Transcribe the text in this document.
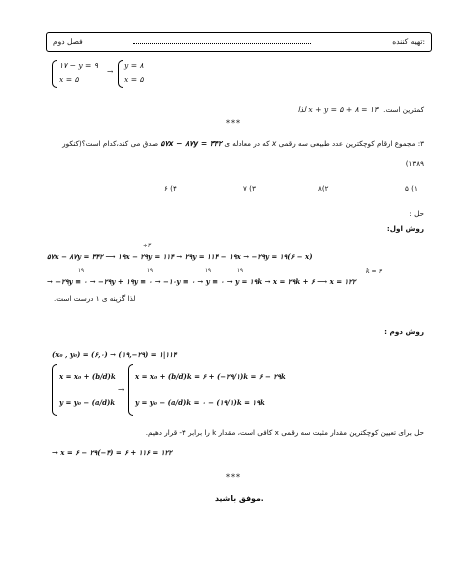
تهیه کننده:
فصل دوم
۱۷ − y = ۹
x = ۵
→
y = ۸
x = ۵
کمترین است. x + y = ۵ + ۸ = ۱۳ لذا
***
۳: مجموع ارقام کوچکترین عدد طبیعی سه رقمی x که در معادله ی ۵۷x − ۸۷y = ۳۴۲ صدق می کند،کدام است؟(کنکور
(۱۳۸۹
۵ (۱
۸(۲
۷ (۳
۶ (۴
حل :
روش اول:
÷۳
۵۷x − ۸۷y = ۳۴۲ ⟶ ۱۹x − ۲۹y = ۱۱۴ → ۲۹y = ۱۱۴ − ۱۹x → −۲۹y = ۱۹(۶ − x)
۱۹	۱۹	۱۹	۱۹	k = ۴
→ −۲۹y ≡ ۰ → −۲۹y + ۱۹y ≡ ۰ → −۱۰y ≡ ۰ → y ≡ ۰ → y = ۱۹k → x = ۲۹k + ۶ ⟶ x = ۱۲۲
لذا گزینه ی ۱ درست است.
روش دوم :
(x₀ , y₀) = (۶,۰) → (۱۹,−۲۹) = ۱|۱۱۴
x = x₀ + (b/d)k
y = y₀ − (a/d)k
→
x = x₀ + (b/d)k = ۶ + (−۲۹/۱)k = ۶ − ۲۹k
y = y₀ − (a/d)k = ۰ − (۱۹/۱)k = ۱۹k
حل برای تعیین کوچکترین مقدار مثبت سه رقمی x کافی است، مقدار k را برابر ۴- قرار دهیم.
→ x = ۶ − ۲۹(−۴) = ۶ + ۱۱۶ = ۱۲۲
***
موفق باشید.
